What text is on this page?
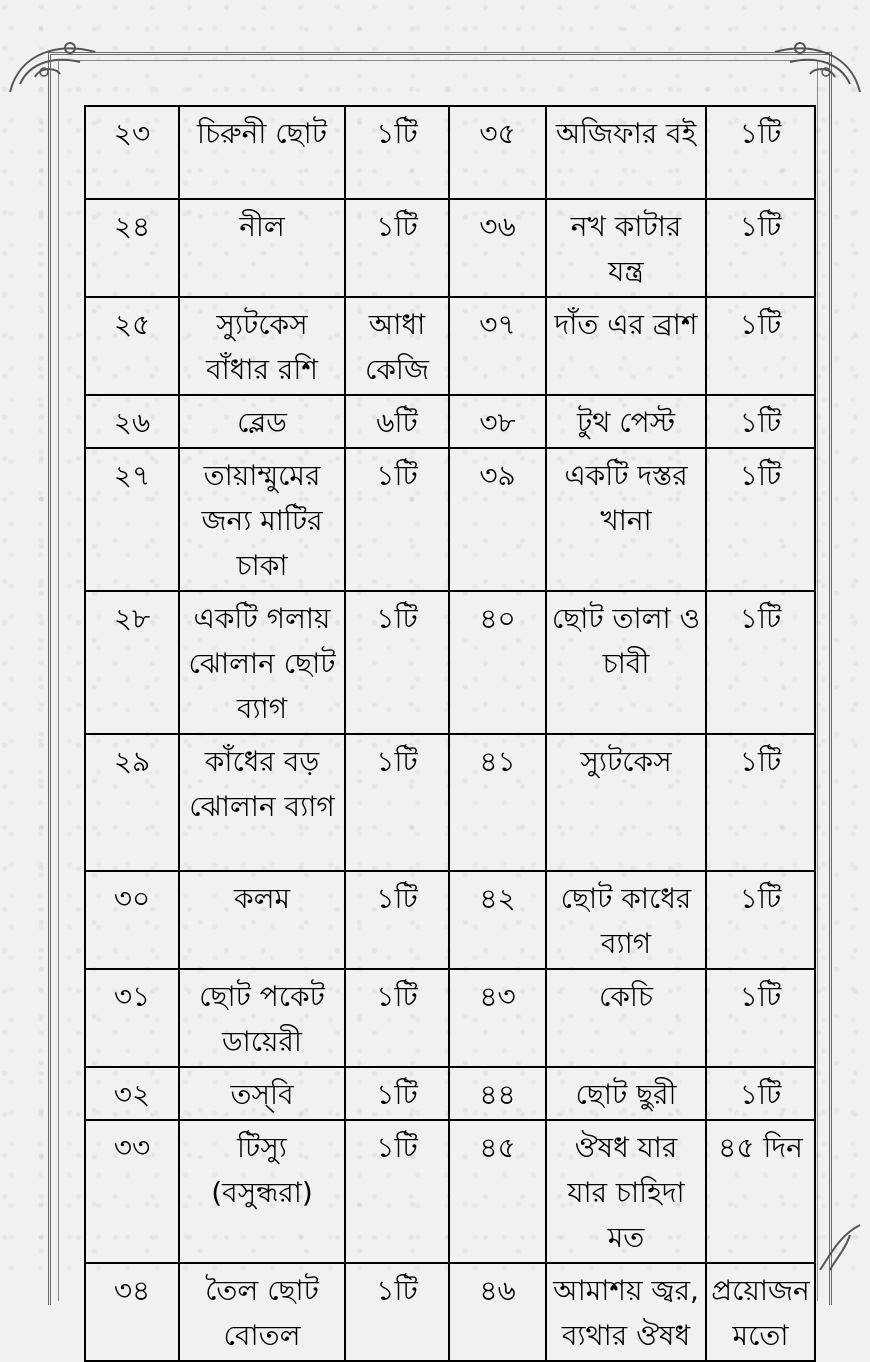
২৩	চিরুনী ছোট	১টি	৩৫	অজিফার বই	১টি
২৪	নীল	১টি	৩৬	নখ কাটার যন্ত্র	১টি
২৫	স্যুটকেস বাঁধার রশি	আধা কেজি	৩৭	দাঁত এর ব্রাশ	১টি
২৬	ব্লেড	৬টি	৩৮	টুথ পেস্ট	১টি
২৭	তায়াম্মুমের জন্য মাটির চাকা	১টি	৩৯	একটি দস্তর খানা	১টি
২৮	একটি গলায় ঝোলান ছোট ব্যাগ	১টি	৪০	ছোট তালা ও চাবী	১টি
২৯	কাঁধের বড় ঝোলান ব্যাগ	১টি	৪১	স্যুটকেস	১টি
৩০	কলম	১টি	৪২	ছোট কাধের ব্যাগ	১টি
৩১	ছোট পকেট ডায়েরী	১টি	৪৩	কেচি	১টি
৩২	তস্‌বি	১টি	৪৪	ছোট ছুরী	১টি
৩৩	টিস্যু (বসুন্ধরা)	১টি	৪৫	ঔষধ যার যার চাহিদা মত	৪৫ দিন
৩৪	তৈল ছোট বোতল	১টি	৪৬	আমাশয় জ্বর, ব্যথার ঔষধ	প্রয়োজন মতো
